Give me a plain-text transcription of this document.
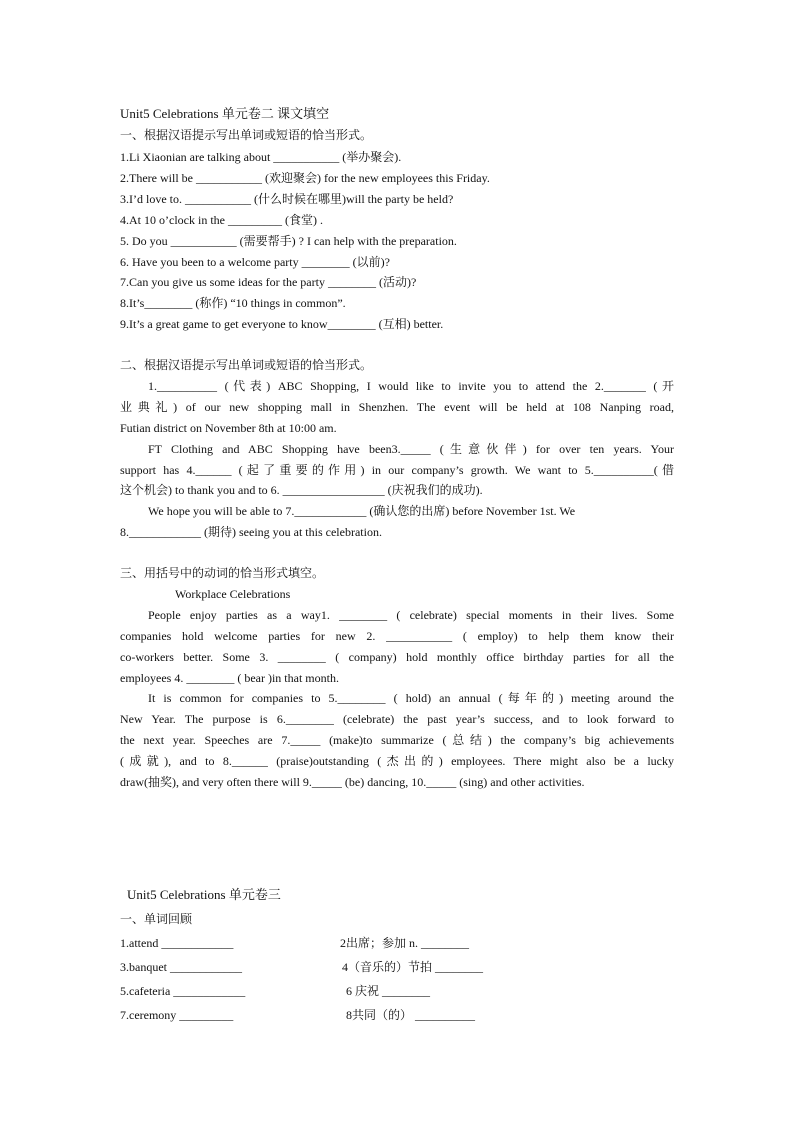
Unit5 Celebrations 单元卷二 课文填空
一、根据汉语提示写出单词或短语的恰当形式。
1.Li Xiaonian are talking about ___________ (举办聚会).
2.There will be ___________ (欢迎聚会) for the new employees this Friday.
3.I’d love to. ___________ (什么时候在哪里)will the party be held?
4.At 10 o’clock in the _________ (食堂) .
5. Do you ___________ (需要帮手) ? I can help with the preparation.
6. Have you been to a welcome party ________ (以前)?
7.Can you give us some ideas for the party ________ (活动)?
8.It’s________ (称作) “10 things in common”.
9.It’s a great game to get everyone to know________ (互相) better.
二、根据汉语提示写出单词或短语的恰当形式。
1.__________ (代表) ABC Shopping, I would like to invite you to attend the 2._______ (开
业典礼) of our new shopping mall in Shenzhen. The event will be held at 108 Nanping road,
Futian district on November 8th at 10:00 am.
FT Clothing and ABC Shopping have been3._____ (生意伙伴) for over ten years. Your
support has 4.______ (起了重要的作用) in our company’s growth. We want to 5.__________(借
这个机会) to thank you and to 6. _________________ (庆祝我们的成功).
We hope you will be able to 7.____________ (确认您的出席) before November 1st. We
8.____________ (期待) seeing you at this celebration.
三、用括号中的动词的恰当形式填空。
Workplace Celebrations
People enjoy parties as a way1. ________ ( celebrate) special moments in their lives. Some
companies hold welcome parties for new 2. ___________ ( employ) to help them know their
co-workers better. Some 3. ________ ( company) hold monthly office birthday parties for all the
employees 4. ________ ( bear )in that month.
It is common for companies to 5.________ ( hold) an annual (每年的) meeting around the
New Year. The purpose is 6.________ (celebrate) the past year’s success, and to look forward to
the next year. Speeches are 7._____ (make)to summarize (总结) the company’s big achievements
(成就), and to 8.______ (praise)outstanding (杰出的) employees. There might also be a lucky
draw(抽奖), and very often there will 9._____ (be) dancing, 10._____ (sing) and other activities.
Unit5 Celebrations 单元卷三
一、单词回顾
1.attend ____________	2出席；参加 n. ________
3.banquet ____________	4（音乐的）节拍 ________
5.cafeteria ____________	6 庆祝 ________
7.ceremony _________	8共同（的） __________
